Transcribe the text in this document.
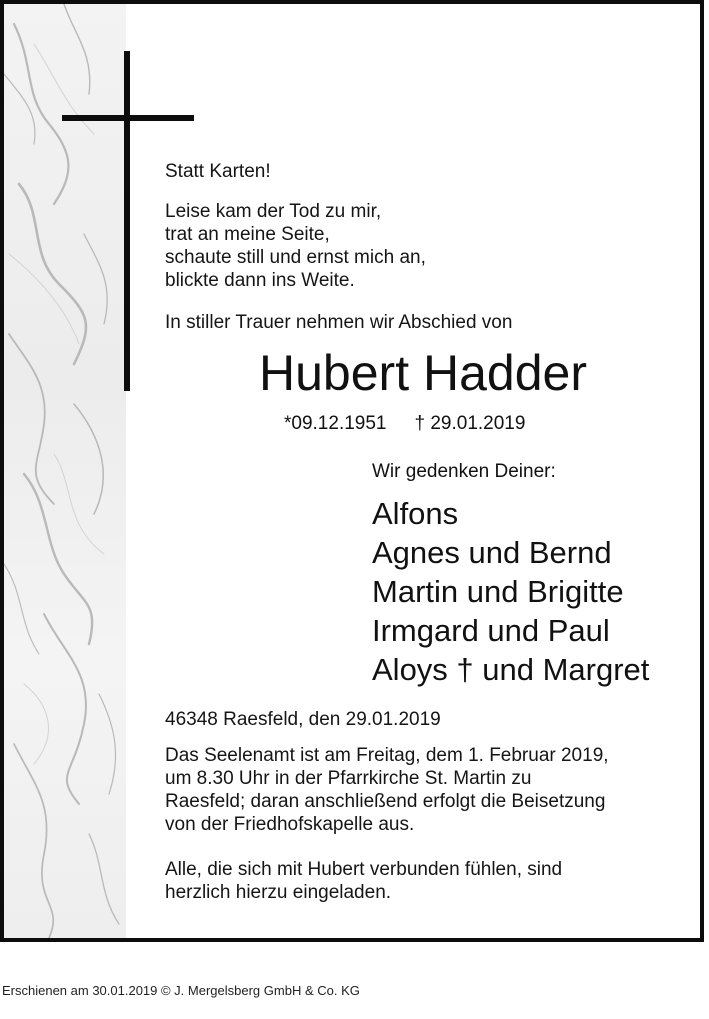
Statt Karten!
Leise kam der Tod zu mir,
trat an meine Seite,
schaute still und ernst mich an,
blickte dann ins Weite.
In stiller Trauer nehmen wir Abschied von
Hubert Hadder
*09.12.1951 † 29.01.2019
Wir gedenken Deiner:
Alfons
Agnes und Bernd
Martin und Brigitte
Irmgard und Paul
Aloys † und Margret
46348 Raesfeld, den 29.01.2019
Das Seelenamt ist am Freitag, dem 1. Februar 2019,
um 8.30 Uhr in der Pfarrkirche St. Martin zu
Raesfeld; daran anschließend erfolgt die Beisetzung
von der Friedhofskapelle aus.
Alle, die sich mit Hubert verbunden fühlen, sind
herzlich hierzu eingeladen.
Erschienen am 30.01.2019 © J. Mergelsberg GmbH & Co. KG
